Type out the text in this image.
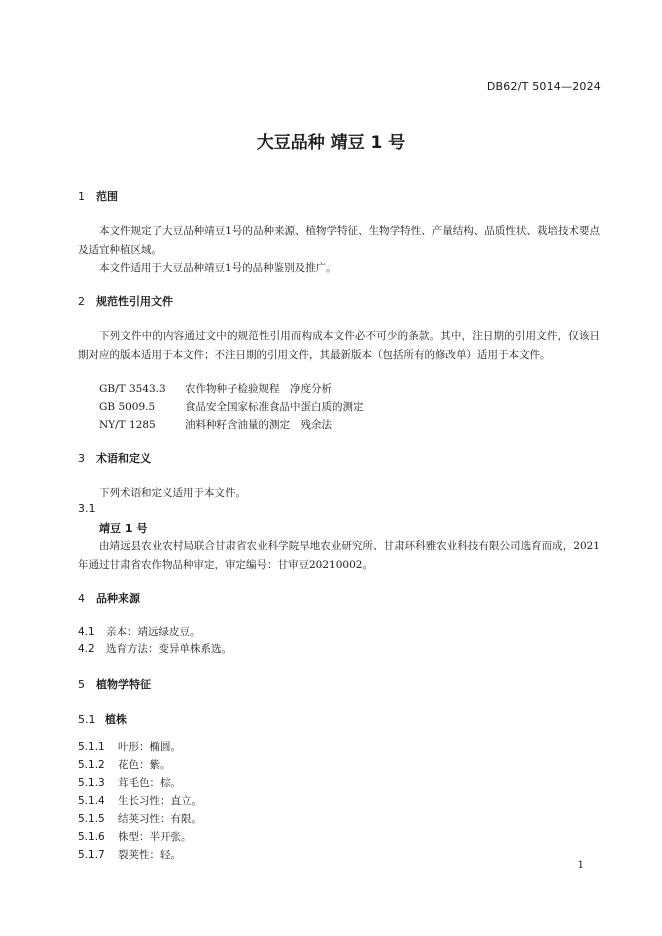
DB62/T 5014—2024
大豆品种 靖豆 1 号
1 范围
本文件规定了大豆品种靖豆1号的品种来源、植物学特征、生物学特性、产量结构、品质性状、栽培技术要点及适宜种植区域。
本文件适用于大豆品种靖豆1号的品种鉴别及推广。
2 规范性引用文件
下列文件中的内容通过文中的规范性引用而构成本文件必不可少的条款。其中，注日期的引用文件，仅该日期对应的版本适用于本文件；不注日期的引用文件，其最新版本（包括所有的修改单）适用于本文件。
GB/T 3543.3 农作物种子检验规程　净度分析
GB 5009.5	食品安全国家标准食品中蛋白质的测定
NY/T 1285	油料种籽含油量的测定　残余法
3 术语和定义
下列术语和定义适用于本文件。
3.1
靖豆 1 号
由靖远县农业农村局联合甘肃省农业科学院旱地农业研究所、甘肃环科雅农业科技有限公司选育而成，2021年通过甘肃省农作物品种审定，审定编号：甘审豆20210002。
4 品种来源
4.1 亲本：靖远绿皮豆。
4.2 选育方法：变异单株系选。
5 植物学特征
5.1 植株
5.1.1 叶形：椭圆。
5.1.2 花色：紫。
5.1.3 茸毛色：棕。
5.1.4 生长习性：直立。
5.1.5 结荚习性：有限。
5.1.6 株型：半开张。
5.1.7 裂荚性：轻。
1
